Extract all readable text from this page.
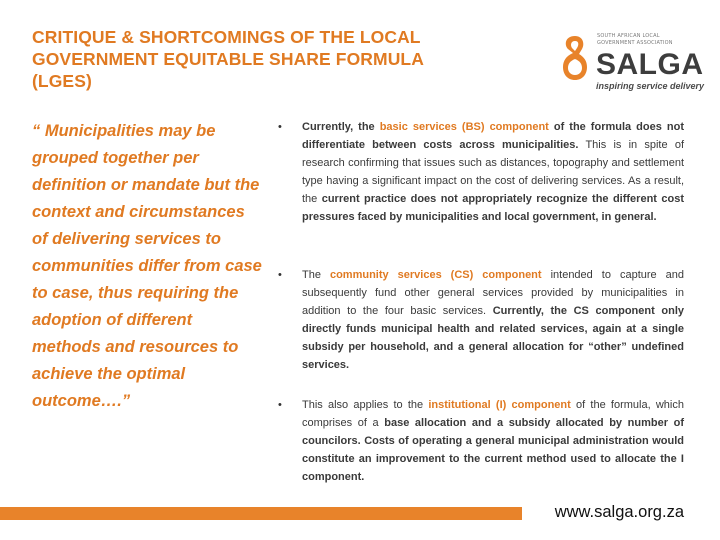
CRITIQUE & SHORTCOMINGS OF THE LOCAL
GOVERNMENT EQUITABLE SHARE FORMULA
(LGES)
SOUTH AFRICAN LOCAL
GOVERNMENT ASSOCIATION
SALGA
inspiring service delivery

“ Municipalities may be grouped together per definition or mandate but the context and circumstances of delivering services to communities differ from case to case, thus requiring the adoption of different methods and resources to achieve the optimal outcome….”

• Currently, the basic services (BS) component of the formula does not differentiate between costs across municipalities. This is in spite of research confirming that issues such as distances, topography and settlement type having a significant impact on the cost of delivering services. As a result, the current practice does not appropriately recognize the different cost pressures faced by municipalities and local government, in general.

• The community services (CS) component intended to capture and subsequently fund other general services provided by municipalities in addition to the four basic services. Currently, the CS component only directly funds municipal health and related services, again at a single subsidy per household, and a general allocation for “other” undefined services.

• This also applies to the institutional (I) component of the formula, which comprises of a base allocation and a subsidy allocated by number of councilors. Costs of operating a general municipal administration would constitute an improvement to the current method used to allocate the I component.

www.salga.org.za
